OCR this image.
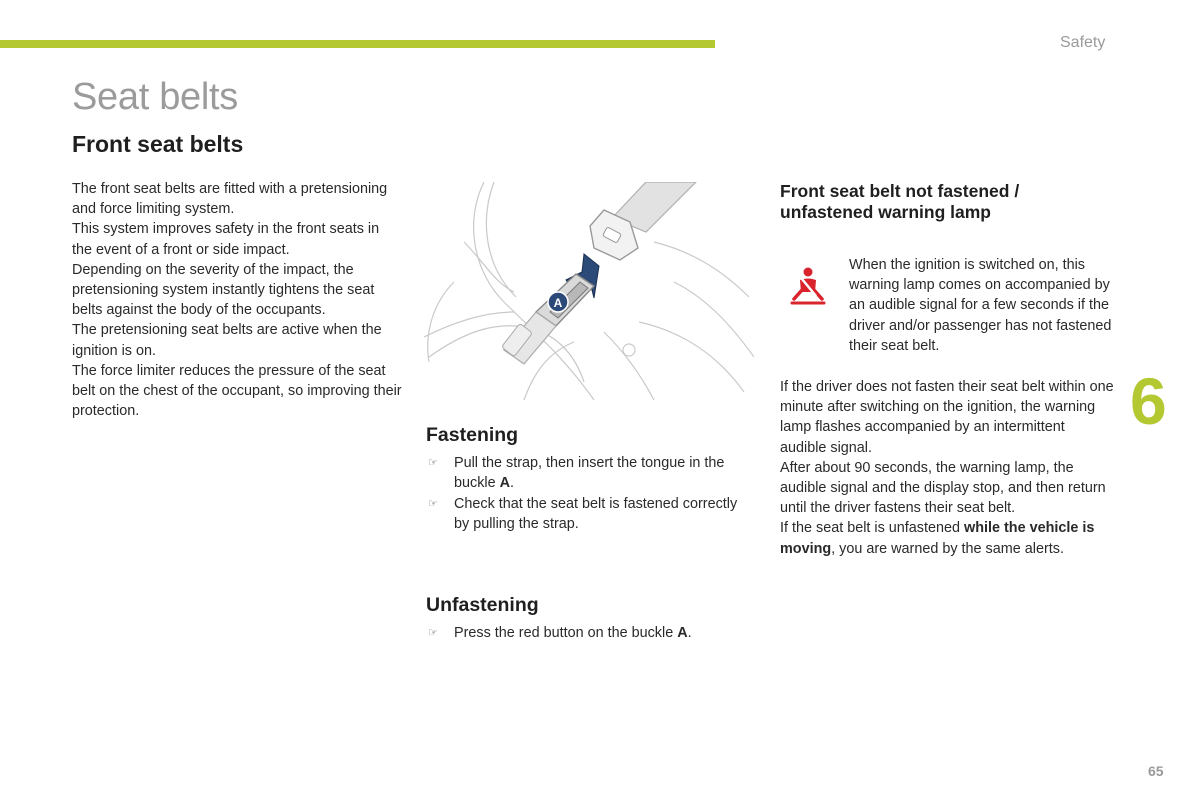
Safety
Seat belts
Front seat belts

The front seat belts are fitted with a pretensioning and force limiting system.

This system improves safety in the front seats in the event of a front or side impact.

Depending on the severity of the impact, the pretensioning system instantly tightens the seat belts against the body of the occupants.

The pretensioning seat belts are active when the ignition is on.

The force limiter reduces the pressure of the seat belt on the chest of the occupant, so improving their protection.

A
Fastening
☞ Pull the strap, then insert the tongue in the buckle A.
☞ Check that the seat belt is fastened correctly by pulling the strap.
Unfastening
☞ Press the red button on the buckle A.
Front seat belt not fastened / unfastened warning lamp

When the ignition is switched on, this warning lamp comes on accompanied by an audible signal for a few seconds if the driver and/or passenger has not fastened their seat belt.

If the driver does not fasten their seat belt within one minute after switching on the ignition, the warning lamp flashes accompanied by an intermittent audible signal.

After about 90 seconds, the warning lamp, the audible signal and the display stop, and then return until the driver fastens their seat belt.

If the seat belt is unfastened while the vehicle is moving, you are warned by the same alerts.

6
65
